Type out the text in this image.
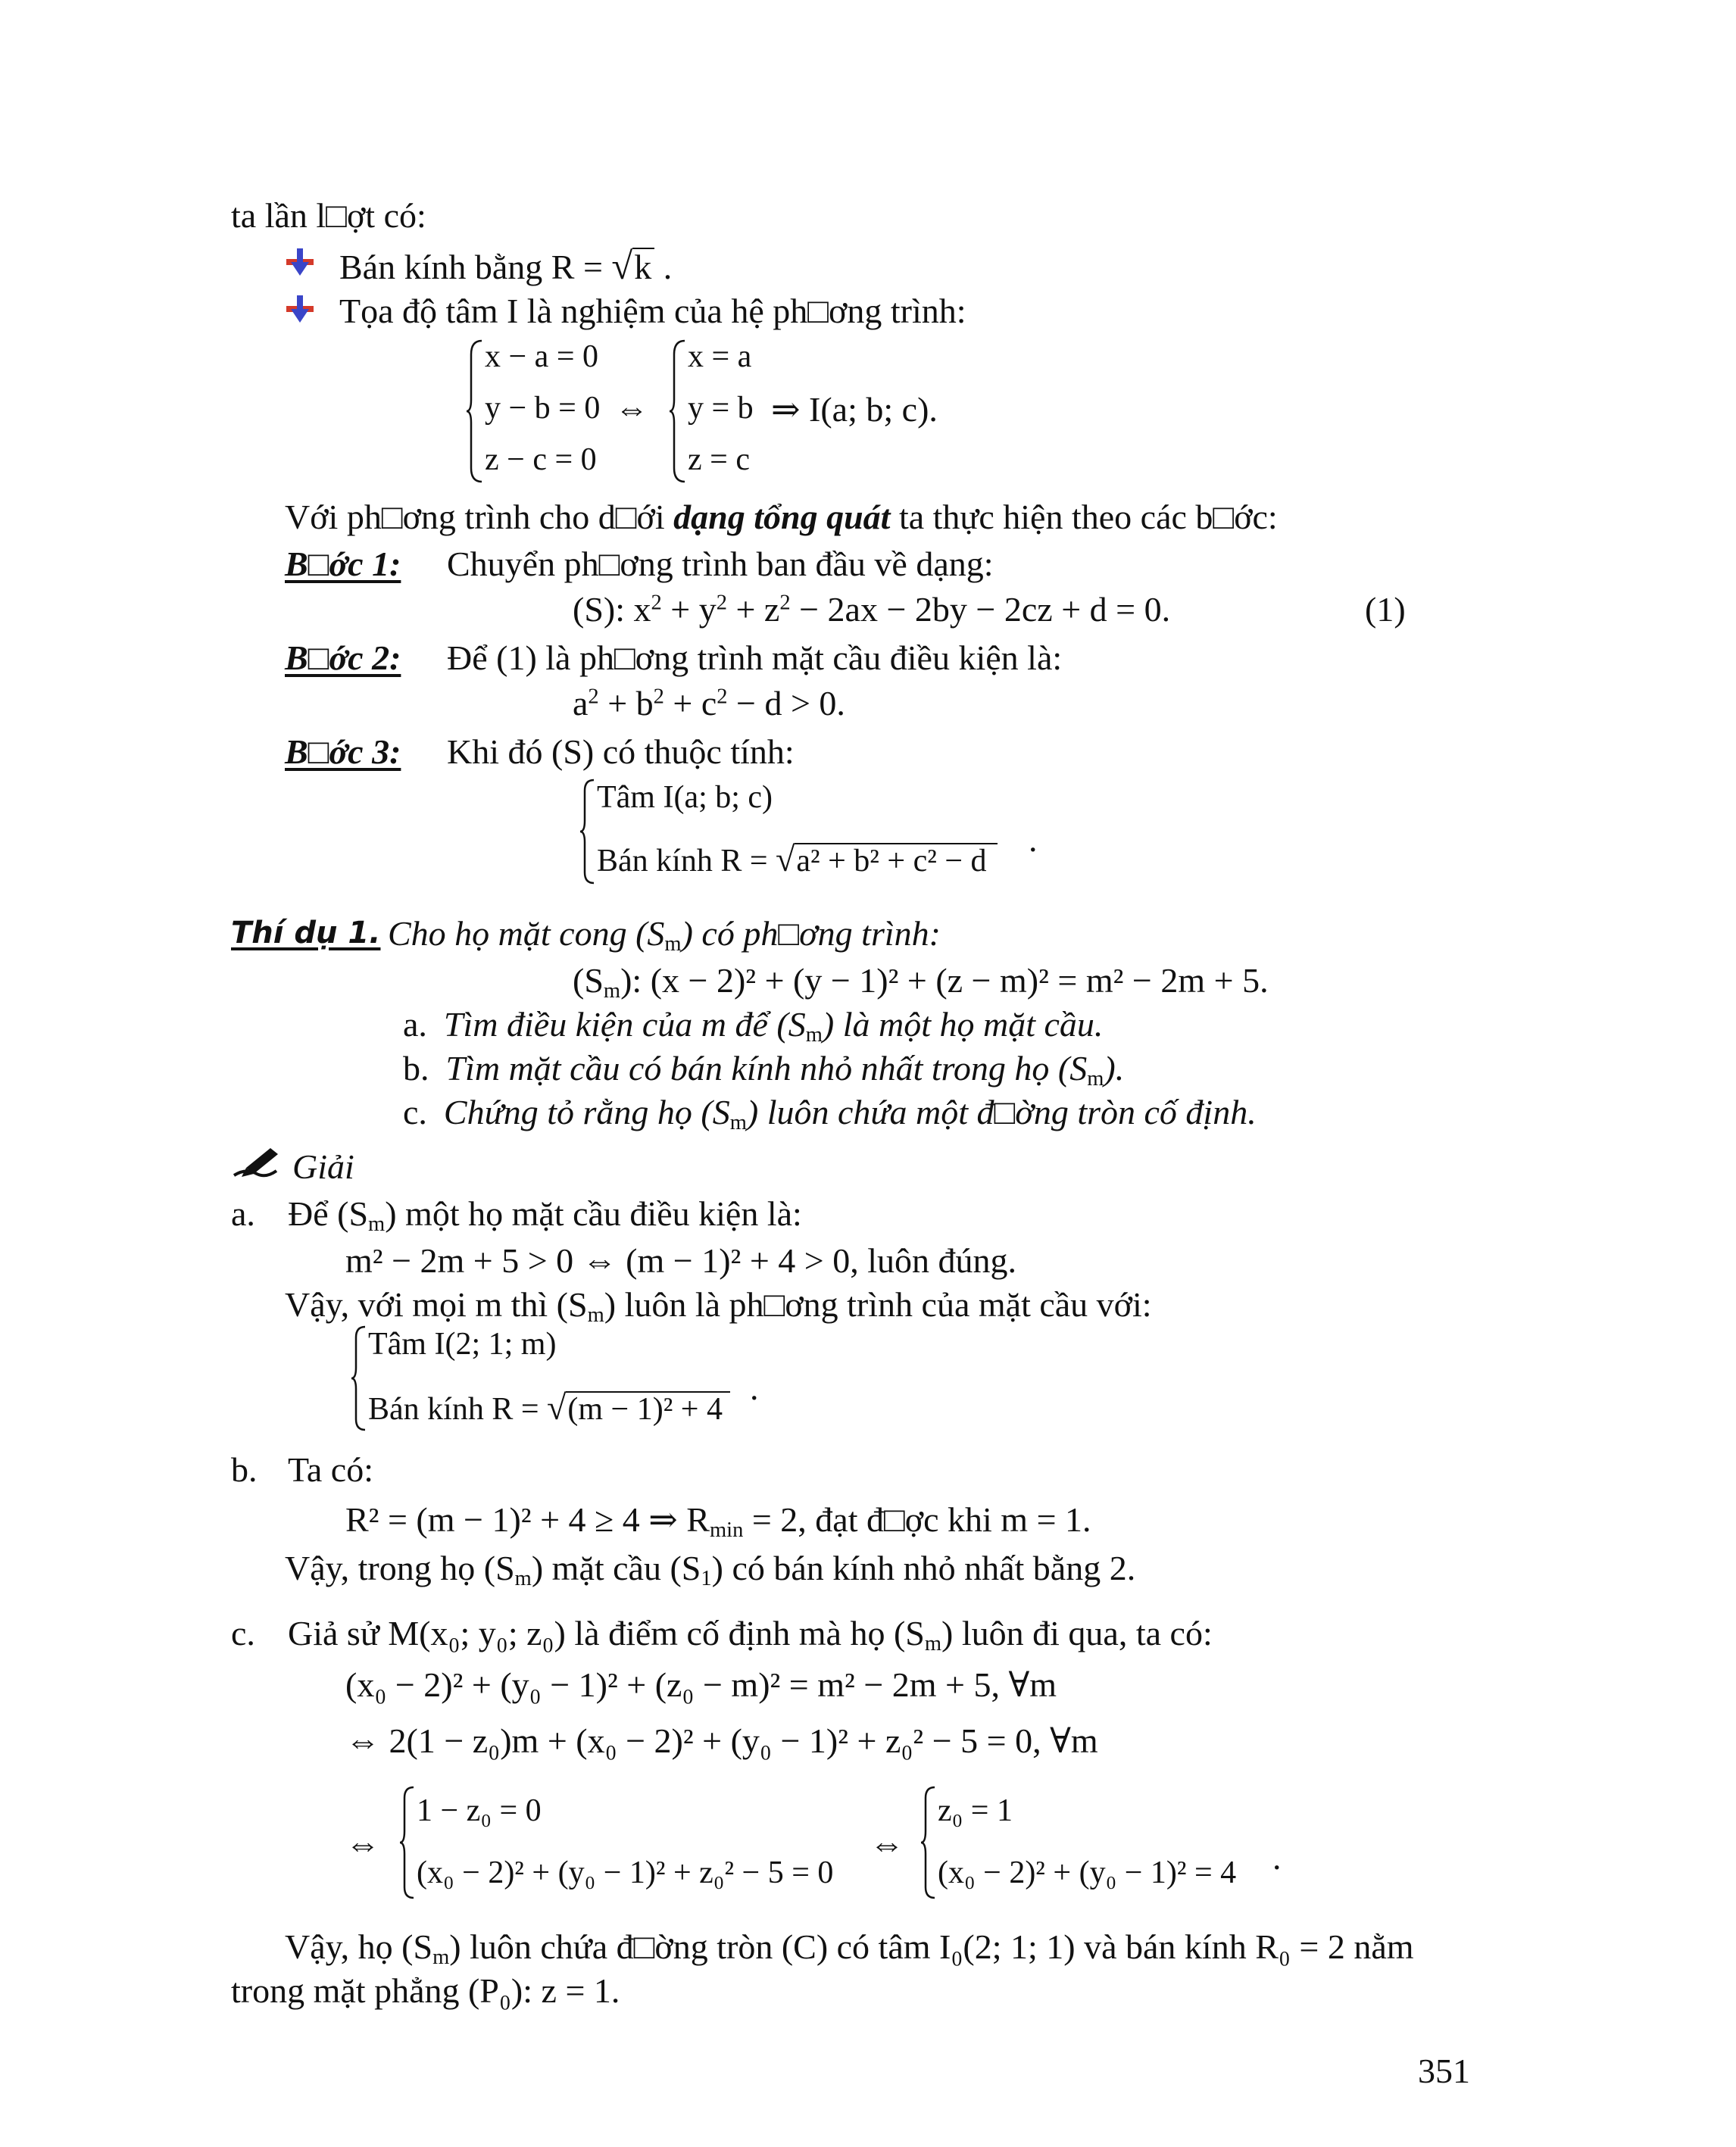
ta lần l□ợt có:
Bán kính bằng R = √k .
Tọa độ tâm I là nghiệm của hệ ph□ơng trình:
x − a = 0
y − b = 0
z − c = 0
⇔
x = a
y = b
z = c
⇒ I(a; b; c).
Với ph□ơng trình cho d□ới dạng tổng quát ta thực hiện theo các b□ớc:
B□ớc 1: Chuyển ph□ơng trình ban đầu về dạng:
(S): $x^2 + y^2 + z^2 - 2ax - 2by - 2cz + d = 0$.	(1)
B□ớc 2: Để (1) là ph□ơng trình mặt cầu điều kiện là:
$a^2 + b^2 + c^2 - d > 0$.
B□ớc 3: Khi đó (S) có thuộc tính:
Tâm I(a; b; c)
Bán kính R = √a² + b² + c² − d
.
Thí dụ 1. Cho họ mặt cong $(S_m)$ có ph□ơng trình:
$(S_m)$: (x − 2)² + (y − 1)² + (z − m)² = m² − 2m + 5.
a. Tìm điều kiện của m để $(S_m)$ là một họ mặt cầu.
b. Tìm mặt cầu có bán kính nhỏ nhất trong họ $(S_m)$.
c. Chứng tỏ rằng họ $(S_m)$ luôn chứa một đ□ờng tròn cố định.
Giải
a. Để $(S_m)$ một họ mặt cầu điều kiện là:
m² − 2m + 5 > 0 ⇔ (m − 1)² + 4 > 0, luôn đúng.
Vậy, với mọi m thì $(S_m)$ luôn là ph□ơng trình của mặt cầu với:
Tâm I(2; 1; m)
Bán kính R = √(m − 1)² + 4
.
b. Ta có:
R² = (m − 1)² + 4 ≥ 4 ⇒ $R_{min} = 2$, đạt đ□ợc khi m = 1.
Vậy, trong họ $(S_m)$ mặt cầu $(S_1)$ có bán kính nhỏ nhất bằng 2.
c. Giả sử M(x₀; y₀; z₀) là điểm cố định mà họ $(S_m)$ luôn đi qua, ta có:
(x₀ − 2)² + (y₀ − 1)² + (z₀ − m)² = m² − 2m + 5, ∀m
⇔ 2(1 − z₀)m + (x₀ − 2)² + (y₀ − 1)² + z₀² − 5 = 0, ∀m
⇔
1 − z₀ = 0
(x₀ − 2)² + (y₀ − 1)² + z₀² − 5 = 0
⇔
z₀ = 1
(x₀ − 2)² + (y₀ − 1)² = 4 .
Vậy, họ $(S_m)$ luôn chứa đ□ờng tròn (C) có tâm I₀(2; 1; 1) và bán kính R₀ = 2 nằm
trong mặt phẳng (P₀): z = 1.
351
